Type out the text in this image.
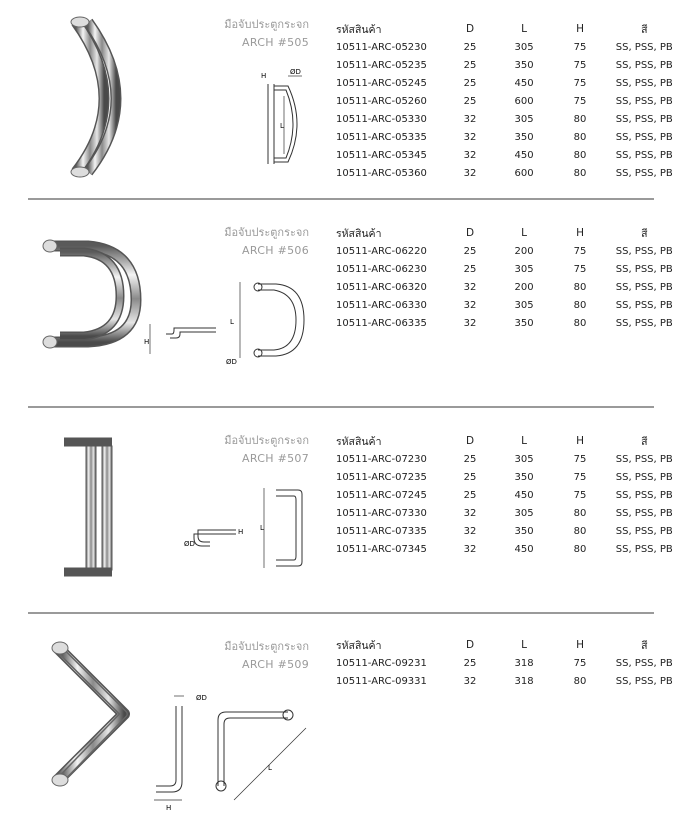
มือจับประตูกระจก
ARCH #505
L
H	ØD
รหัสสินค้า	D	L	H	สี
10511-ARC-05230	25	305	75	SS, PSS, PB
10511-ARC-05235	25	350	75	SS, PSS, PB
10511-ARC-05245	25	450	75	SS, PSS, PB
10511-ARC-05260	25	600	75	SS, PSS, PB
10511-ARC-05330	32	305	80	SS, PSS, PB
10511-ARC-05335	32	350	80	SS, PSS, PB
10511-ARC-05345	32	450	80	SS, PSS, PB
10511-ARC-05360	32	600	80	SS, PSS, PB
มือจับประตูกระจก
ARCH #506
H
L
ØD
รหัสสินค้า	D	L	H	สี
10511-ARC-06220	25	200	75	SS, PSS, PB
10511-ARC-06230	25	305	75	SS, PSS, PB
10511-ARC-06320	32	200	80	SS, PSS, PB
10511-ARC-06330	32	305	80	SS, PSS, PB
10511-ARC-06335	32	350	80	SS, PSS, PB
มือจับประตูกระจก
ARCH #507
H
ØD
L
รหัสสินค้า	D	L	H	สี
10511-ARC-07230	25	305	75	SS, PSS, PB
10511-ARC-07235	25	350	75	SS, PSS, PB
10511-ARC-07245	25	450	75	SS, PSS, PB
10511-ARC-07330	32	305	80	SS, PSS, PB
10511-ARC-07335	32	350	80	SS, PSS, PB
10511-ARC-07345	32	450	80	SS, PSS, PB
มือจับประตูกระจก
ARCH #509
ØD
H
L
รหัสสินค้า	D	L	H	สี
10511-ARC-09231	25	318	75	SS, PSS, PB
10511-ARC-09331	32	318	80	SS, PSS, PB
